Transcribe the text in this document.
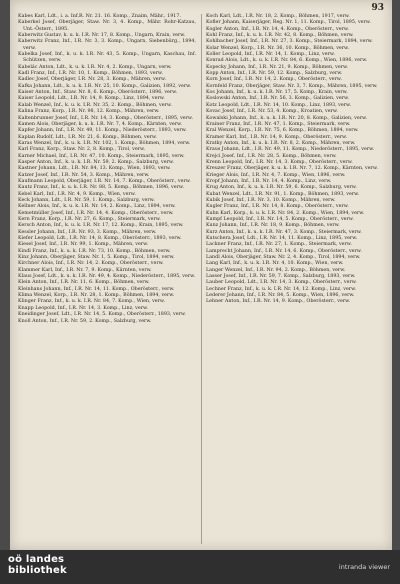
93

Kabes Karl, Ldt., i. a. Inf.R. Nr. 21. 16. Komp., Znaim, Mähr., 1917.

Kaberkel Josef, Oberjäger, Staw. Nr. 3, 4. Komp., Mähr. Rohr-Katzau, Unt.-Österr., 1895.

Kaberwitz Gustav, k. u. k. I.R. Nr. 17, 8. Komp., Ungarn, Krain, verw.

Kaberwitz Franz, Inf., I.R. Nr. 3, 3. Komp., Ungarn, Siebenbürg., 1894, verw.

Kabelka Josef, Inf., k. u. k. I.R. Nr. 43, 5. Komp., Ungarn, Kaschau, Inf. Schützen, verw.

Kabelác Anton, Ldt., k. u. k. I.R. Nr. 4, 2. Komp., Ungarn, verw.

Kadl Franz, Inf., I.R. Nr. 10, 1. Komp., Böhmen, 1893, verw.

Kadlec Josef, Oberjäger, I.R. Nr. 28, 3. Komp., Mähren, verw.

Kafka Johann, Ldt., k. u. k. I.R. Nr. 25, 10. Komp., Galizien, 1892, verw.

Kaiser Anton, Inf., Staw. Nr. 8, 6. Komp., Oberösterr., 1896, verw.

Kaiser Leopold, Ldt., I.R. Nr. 14, 9. Komp., Linz, 1894, verw.

Kalab Wenzel, Inf., k. u. k. I.R. Nr. 35, 2. Komp., Böhmen, verw.

Kalina Franz, Korp., I.R. Nr. 98, 12. Komp., Mähren, verw.

Kaltenbrunner Josef, Inf., I.R. Nr. 14, 3. Komp., Oberösterr., 1895, verw.

Kamen Alois, Oberjäger, k. u. k. I.R. Nr. 7, 4. Komp., Kärnten, verw.

Kapfer Johann, Inf., I.R. Nr. 49, 11. Komp., Niederösterr., 1893, verw.

Kaplan Rudolf, Ldt., I.R. Nr. 21, 6. Komp., Böhmen, verw.

Karas Wenzel, Inf., k. u. k. I.R. Nr. 102, 1. Komp., Böhmen, 1894, verw.

Karl Franz, Korp., Staw. Nr. 2, 8. Komp., Tirol, verw.

Karner Michael, Inf., I.R. Nr. 47, 10. Komp., Steiermark, 1895, verw.

Kasper Anton, Inf., k. u. k. I.R. Nr. 59, 2. Komp., Salzburg, verw.

Kastner Johann, Ldt., I.R. Nr. 84, 13. Komp., Wien, 1893, verw.

Katzer Josef, Inf., I.R. Nr. 54, 3. Komp., Mähren, verw.

Kaufmann Leopold, Oberjäger, I.R. Nr. 14, 7. Komp., Oberösterr., verw.

Kautz Franz, Inf., k. u. k. I.R. Nr. 88, 5. Komp., Böhmen, 1896, verw.

Kebel Karl, Inf., I.R. Nr. 4, 9. Komp., Wien, verw.

Keck Johann, Ldt., I.R. Nr. 59, 1. Komp., Salzburg, verw.

Kellner Alois, Inf., k. u. k. I.R. Nr. 14, 2. Komp., Linz, 1894, verw.

Kemetmüller Josef, Inf., I.R. Nr. 14, 4. Komp., Oberösterr., verw.

Kern Franz, Korp., I.R. Nr. 27, 6. Komp., Steiermark, verw.

Kersch Anton, Inf., k. u. k. I.R. Nr. 17, 12. Komp., Krain, 1895, verw.

Kessler Johann, Inf., I.R. Nr. 93, 3. Komp., Mähren, verw.

Kiefer Leopold, Ldt., I.R. Nr. 14, 8. Komp., Oberösterr., 1893, verw.

Kiesel Josef, Inf., I.R. Nr. 99, 1. Komp., Mähren, verw.

Kindl Franz, Inf., k. u. k. I.R. Nr. 73, 10. Komp., Böhmen, verw.

Kinz Johann, Oberjäger, Staw. Nr. 1, 5. Komp., Tirol, 1894, verw.

Kirchner Alois, Inf., I.R. Nr. 14, 2. Komp., Oberösterr., verw.

Klammer Karl, Inf., I.R. Nr. 7, 9. Komp., Kärnten, verw.

Klaus Josef, Ldt., k. u. k. I.R. Nr. 49, 4. Komp., Niederösterr., 1895, verw.

Klein Anton, Inf., I.R. Nr. 11, 6. Komp., Böhmen, verw.

Kleinhans Johann, Inf., I.R. Nr. 14, 11. Komp., Oberösterr., verw.

Klima Wenzel, Korp., I.R. Nr. 28, 1. Komp., Böhmen, 1894, verw.

Klinger Franz, Inf., k. u. k. I.R. Nr. 84, 7. Komp., Wien, verw.

Knapp Leopold, Inf., I.R. Nr. 14, 3. Komp., Linz, verw.

Kneidinger Josef, Ldt., I.R. Nr. 14, 5. Komp., Oberösterr., 1893, verw.

Knoll Anton, Inf., I.R. Nr. 59, 2. Komp., Salzburg, verw.

Koch Karl, Ldt., I.R. Nr. 18, 2. Komp., Böhmen, 1917, verw.

Kofler Johann, Kaiserjäger, Reg. Nr. 1, 11. Komp., Tirol, 1895, verw.

Kogler Anton, Inf., I.R. Nr. 14, 4. Komp., Oberösterr., verw.

Kohl Franz, Inf., k. u. k. I.R. Nr. 42, 8. Komp., Böhmen, verw.

Kohlbacher Josef, Inf., I.R. Nr. 27, 3. Komp., Steiermark, 1894, verw.

Kolar Wenzel, Korp., I.R. Nr. 36, 10. Komp., Böhmen, verw.

Koller Leopold, Inf., I.R. Nr. 14, 1. Komp., Linz, verw.

Konrad Alois, Ldt., k. u. k. I.R. Nr. 84, 6. Komp., Wien, 1896, verw.

Kopecky Johann, Inf., I.R. Nr. 21, 9. Komp., Böhmen, verw.

Kopp Anton, Inf., I.R. Nr. 59, 12. Komp., Salzburg, verw.

Korn Josef, Inf., I.R. Nr. 14, 2. Komp., Oberösterr., verw.

Kornfeld Franz, Oberjäger, Staw. Nr. 3, 7. Komp., Mähren, 1895, verw.

Kos Johann, Inf., k. u. k. I.R. Nr. 17, 5. Komp., Krain, verw.

Koslowski Anton, Inf., I.R. Nr. 56, 3. Komp., Galizien, verw.

Kotz Leopold, Ldt., I.R. Nr. 14, 10. Komp., Linz, 1893, verw.

Kovac Josef, Inf., I.R. Nr. 53, 4. Komp., Kroatien, verw.

Kowalski Johann, Inf., k. u. k. I.R. Nr. 20, 8. Komp., Galizien, verw.

Krainer Franz, Inf., I.R. Nr. 47, 1. Komp., Steiermark, verw.

Kral Wenzel, Korp., I.R. Nr. 75, 6. Komp., Böhmen, 1894, verw.

Kramer Karl, Inf., I.R. Nr. 14, 9. Komp., Oberösterr., verw.

Kratky Anton, Inf., k. u. k. I.R. Nr. 8, 2. Komp., Mähren, verw.

Kraus Johann, Ldt., I.R. Nr. 49, 11. Komp., Niederösterr., 1895, verw.

Krejci Josef, Inf., I.R. Nr. 28, 5. Komp., Böhmen, verw.

Krenn Leopold, Inf., I.R. Nr. 14, 3. Komp., Oberösterr., verw.

Kreuzer Franz, Oberjäger, k. u. k. I.R. Nr. 7, 12. Komp., Kärnten, verw.

Krieger Alois, Inf., I.R. Nr. 4, 7. Komp., Wien, 1896, verw.

Kropf Johann, Inf., I.R. Nr. 14, 4. Komp., Linz, verw.

Krug Anton, Inf., k. u. k. I.R. Nr. 59, 6. Komp., Salzburg, verw.

Kubat Wenzel, Ldt., I.R. Nr. 91, 1. Komp., Böhmen, 1893, verw.

Kubik Josef, Inf., I.R. Nr. 3, 10. Komp., Mähren, verw.

Kugler Franz, Inf., I.R. Nr. 14, 8. Komp., Oberösterr., verw.

Kuhn Karl, Korp., k. u. k. I.R. Nr. 84, 2. Komp., Wien, 1894, verw.

Kumpf Leopold, Inf., I.R. Nr. 14, 5. Komp., Oberösterr., verw.

Kunz Johann, Inf., I.R. Nr. 18, 9. Komp., Böhmen, verw.

Kurz Anton, Inf., k. u. k. I.R. Nr. 47, 3. Komp., Steiermark, verw.

Kutschera Josef, Ldt., I.R. Nr. 14, 11. Komp., Linz, 1895, verw.

Lackner Franz, Inf., I.R. Nr. 27, 1. Komp., Steiermark, verw.

Lamprecht Johann, Inf., I.R. Nr. 14, 6. Komp., Oberösterr., verw.

Landl Alois, Oberjäger, Staw. Nr. 2, 4. Komp., Tirol, 1894, verw.

Lang Karl, Inf., k. u. k. I.R. Nr. 4, 10. Komp., Wien, verw.

Langer Wenzel, Inf., I.R. Nr. 94, 2. Komp., Böhmen, verw.

Lasser Josef, Inf., I.R. Nr. 59, 7. Komp., Salzburg, 1893, verw.

Lauber Leopold, Ldt., I.R. Nr. 14, 3. Komp., Oberösterr., verw.

Lechner Franz, Inf., k. u. k. I.R. Nr. 14, 12. Komp., Linz, verw.

Lederer Johann, Inf., I.R. Nr. 84, 5. Komp., Wien, 1896, verw.

Lehner Anton, Inf., I.R. Nr. 14, 9. Komp., Oberösterr., verw.

oö landes
bibliothek	intranda viewer
